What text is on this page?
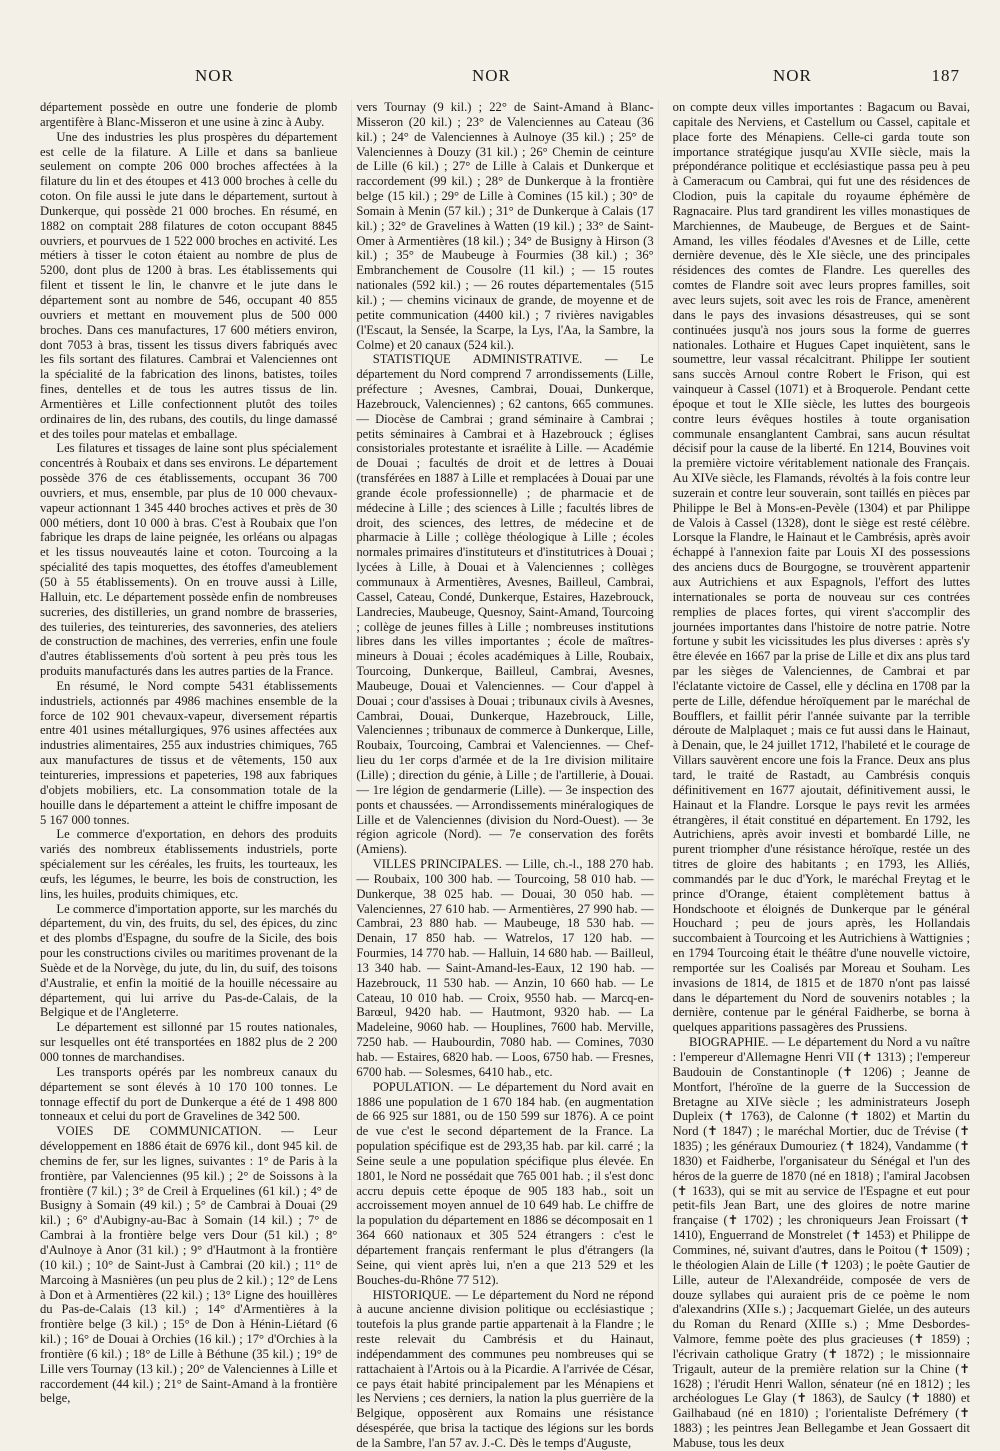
NOR	NOR	NOR	187

département possède en outre une fonderie de plomb argentifère à Blanc-Misseron et une usine à zinc à Auby.

Une des industries les plus prospères du département est celle de la filature. A Lille et dans sa banlieue seulement on compte 206 000 broches affectées à la filature du lin et des étoupes et 413 000 broches à celle du coton. On file aussi le jute dans le département, surtout à Dunkerque, qui possède 21 000 broches. En résumé, en 1882 on comptait 288 filatures de coton occupant 8845 ouvriers, et pourvues de 1 522 000 broches en activité. Les métiers à tisser le coton étaient au nombre de plus de 5200, dont plus de 1200 à bras. Les établissements qui filent et tissent le lin, le chanvre et le jute dans le département sont au nombre de 546, occupant 40 855 ouvriers et mettant en mouvement plus de 500 000 broches. Dans ces manufactures, 17 600 métiers environ, dont 7053 à bras, tissent les tissus divers fabriqués avec les fils sortant des filatures. Cambrai et Valenciennes ont la spécialité de la fabrication des linons, batistes, toiles fines, dentelles et de tous les autres tissus de lin. Armentières et Lille confectionnent plutôt des toiles ordinaires de lin, des rubans, des coutils, du linge damassé et des toiles pour matelas et emballage.

Les filatures et tissages de laine sont plus spécialement concentrés à Roubaix et dans ses environs. Le département possède 376 de ces établissements, occupant 36 700 ouvriers, et mus, ensemble, par plus de 10 000 chevaux-vapeur actionnant 1 345 440 broches actives et près de 30 000 métiers, dont 10 000 à bras. C'est à Roubaix que l'on fabrique les draps de laine peignée, les orléans ou alpagas et les tissus nouveautés laine et coton. Tourcoing a la spécialité des tapis moquettes, des étoffes d'ameublement (50 à 55 établissements). On en trouve aussi à Lille, Halluin, etc. Le département possède enfin de nombreuses sucreries, des distilleries, un grand nombre de brasseries, des tuileries, des teintureries, des savonneries, des ateliers de construction de machines, des verreries, enfin une foule d'autres établissements d'où sortent à peu près tous les produits manufacturés dans les autres parties de la France.

En résumé, le Nord compte 5431 établissements industriels, actionnés par 4986 machines ensemble de la force de 102 901 chevaux-vapeur, diversement répartis entre 401 usines métallurgiques, 976 usines affectées aux industries alimentaires, 255 aux industries chimiques, 765 aux manufactures de tissus et de vêtements, 150 aux teintureries, impressions et papeteries, 198 aux fabriques d'objets mobiliers, etc. La consommation totale de la houille dans le département a atteint le chiffre imposant de 5 167 000 tonnes.

Le commerce d'exportation, en dehors des produits variés des nombreux établissements industriels, porte spécialement sur les céréales, les fruits, les tourteaux, les œufs, les légumes, le beurre, les bois de construction, les lins, les huiles, produits chimiques, etc.

Le commerce d'importation apporte, sur les marchés du département, du vin, des fruits, du sel, des épices, du zinc et des plombs d'Espagne, du soufre de la Sicile, des bois pour les constructions civiles ou maritimes provenant de la Suède et de la Norvège, du jute, du lin, du suif, des toisons d'Australie, et enfin la moitié de la houille nécessaire au département, qui lui arrive du Pas-de-Calais, de la Belgique et de l'Angleterre.

Le département est sillonné par 15 routes nationales, sur lesquelles ont été transportées en 1882 plus de 2 200 000 tonnes de marchandises.

Les transports opérés par les nombreux canaux du département se sont élevés à 10 170 100 tonnes. Le tonnage effectif du port de Dunkerque a été de 1 498 800 tonneaux et celui du port de Gravelines de 342 500.

VOIES DE COMMUNICATION. — Leur développement en 1886 était de 6976 kil., dont 945 kil. de chemins de fer, sur les lignes, suivantes : 1° de Paris à la frontière, par Valenciennes (95 kil.) ; 2° de Soissons à la frontière (7 kil.) ; 3° de Creil à Erquelines (61 kil.) ; 4° de Busigny à Somain (49 kil.) ; 5° de Cambrai à Douai (29 kil.) ; 6° d'Aubigny-au-Bac à Somain (14 kil.) ; 7° de Cambrai à la frontière belge vers Dour (51 kil.) ; 8° d'Aulnoye à Anor (31 kil.) ; 9° d'Hautmont à la frontière (10 kil.) ; 10° de Saint-Just à Cambrai (20 kil.) ; 11° de Marcoing à Masnières (un peu plus de 2 kil.) ; 12° de Lens à Don et à Armentières (22 kil.) ; 13° Ligne des houillères du Pas-de-Calais (13 kil.) ; 14° d'Armentières à la frontière belge (3 kil.) ; 15° de Don à Hénin-Liétard (6 kil.) ; 16° de Douai à Orchies (16 kil.) ; 17° d'Orchies à la frontière (6 kil.) ; 18° de Lille à Béthune (35 kil.) ; 19° de Lille vers Tournay (13 kil.) ; 20° de Valenciennes à Lille et raccordement (44 kil.) ; 21° de Saint-Amand à la frontière belge,

vers Tournay (9 kil.) ; 22° de Saint-Amand à Blanc-Misseron (20 kil.) ; 23° de Valenciennes au Cateau (36 kil.) ; 24° de Valenciennes à Aulnoye (35 kil.) ; 25° de Valenciennes à Douzy (31 kil.) ; 26° Chemin de ceinture de Lille (6 kil.) ; 27° de Lille à Calais et Dunkerque et raccordement (99 kil.) ; 28° de Dunkerque à la frontière belge (15 kil.) ; 29° de Lille à Comines (15 kil.) ; 30° de Somain à Menin (57 kil.) ; 31° de Dunkerque à Calais (17 kil.) ; 32° de Gravelines à Watten (19 kil.) ; 33° de Saint-Omer à Armentières (18 kil.) ; 34° de Busigny à Hirson (3 kil.) ; 35° de Maubeuge à Fourmies (38 kil.) ; 36° Embranchement de Cousolre (11 kil.) ; — 15 routes nationales (592 kil.) ; — 26 routes départementales (515 kil.) ; — chemins vicinaux de grande, de moyenne et de petite communication (4400 kil.) ; 7 rivières navigables (l'Escaut, la Sensée, la Scarpe, la Lys, l'Aa, la Sambre, la Colme) et 20 canaux (524 kil.).

STATISTIQUE ADMINISTRATIVE. — Le département du Nord comprend 7 arrondissements (Lille, préfecture ; Avesnes, Cambrai, Douai, Dunkerque, Hazebrouck, Valenciennes) ; 62 cantons, 665 communes. — Diocèse de Cambrai ; grand séminaire à Cambrai ; petits séminaires à Cambrai et à Hazebrouck ; églises consistoriales protestante et israélite à Lille. — Académie de Douai ; facultés de droit et de lettres à Douai (transférées en 1887 à Lille et remplacées à Douai par une grande école professionnelle) ; de pharmacie et de médecine à Lille ; des sciences à Lille ; facultés libres de droit, des sciences, des lettres, de médecine et de pharmacie à Lille ; collège théologique à Lille ; écoles normales primaires d'instituteurs et d'institutrices à Douai ; lycées à Lille, à Douai et à Valenciennes ; collèges communaux à Armentières, Avesnes, Bailleul, Cambrai, Cassel, Cateau, Condé, Dunkerque, Estaires, Hazebrouck, Landrecies, Maubeuge, Quesnoy, Saint-Amand, Tourcoing ; collège de jeunes filles à Lille ; nombreuses institutions libres dans les villes importantes ; école de maîtres-mineurs à Douai ; écoles académiques à Lille, Roubaix, Tourcoing, Dunkerque, Bailleul, Cambrai, Avesnes, Maubeuge, Douai et Valenciennes. — Cour d'appel à Douai ; cour d'assises à Douai ; tribunaux civils à Avesnes, Cambrai, Douai, Dunkerque, Hazebrouck, Lille, Valenciennes ; tribunaux de commerce à Dunkerque, Lille, Roubaix, Tourcoing, Cambrai et Valenciennes. — Chef-lieu du 1er corps d'armée et de la 1re division militaire (Lille) ; direction du génie, à Lille ; de l'artillerie, à Douai. — 1re légion de gendarmerie (Lille). — 3e inspection des ponts et chaussées. — Arrondissements minéralogiques de Lille et de Valenciennes (division du Nord-Ouest). — 3e région agricole (Nord). — 7e conservation des forêts (Amiens).

VILLES PRINCIPALES. — Lille, ch.-l., 188 270 hab. — Roubaix, 100 300 hab. — Tourcoing, 58 010 hab. — Dunkerque, 38 025 hab. — Douai, 30 050 hab. — Valenciennes, 27 610 hab. — Armentières, 27 990 hab. — Cambrai, 23 880 hab. — Maubeuge, 18 530 hab. — Denain, 17 850 hab. — Watrelos, 17 120 hab. — Fourmies, 14 770 hab. — Halluin, 14 680 hab. — Bailleul, 13 340 hab. — Saint-Amand-les-Eaux, 12 190 hab. — Hazebrouck, 11 530 hab. — Anzin, 10 660 hab. — Le Cateau, 10 010 hab. — Croix, 9550 hab. — Marcq-en-Barœul, 9420 hab. — Hautmont, 9320 hab. — La Madeleine, 9060 hab. — Houplines, 7600 hab. Merville, 7250 hab. — Haubourdin, 7080 hab. — Comines, 7030 hab. — Estaires, 6820 hab. — Loos, 6750 hab. — Fresnes, 6700 hab. — Solesmes, 6410 hab., etc.

POPULATION. — Le département du Nord avait en 1886 une population de 1 670 184 hab. (en augmentation de 66 925 sur 1881, ou de 150 599 sur 1876). A ce point de vue c'est le second département de la France. La population spécifique est de 293,35 hab. par kil. carré ; la Seine seule a une population spécifique plus élevée. En 1801, le Nord ne possédait que 765 001 hab. ; il s'est donc accru depuis cette époque de 905 183 hab., soit un accroissement moyen annuel de 10 649 hab. Le chiffre de la population du département en 1886 se décomposait en 1 364 660 nationaux et 305 524 étrangers : c'est le département français renfermant le plus d'étrangers (la Seine, qui vient après lui, n'en a que 213 529 et les Bouches-du-Rhône 77 512).

HISTORIQUE. — Le département du Nord ne répond à aucune ancienne division politique ou ecclésiastique ; toutefois la plus grande partie appartenait à la Flandre ; le reste relevait du Cambrésis et du Hainaut, indépendamment des communes peu nombreuses qui se rattachaient à l'Artois ou à la Picardie. A l'arrivée de César, ce pays était habité principalement par les Ménapiens et les Nerviens ; ces derniers, la nation la plus guerrière de la Belgique, opposèrent aux Romains une résistance désespérée, que brisa la tactique des légions sur les bords de la Sambre, l'an 57 av. J.-C. Dès le temps d'Auguste,

on compte deux villes importantes : Bagacum ou Bavai, capitale des Nerviens, et Castellum ou Cassel, capitale et place forte des Ménapiens. Celle-ci garda toute son importance stratégique jusqu'au XVIIe siècle, mais la prépondérance politique et ecclésiastique passa peu à peu à Cameracum ou Cambrai, qui fut une des résidences de Clodion, puis la capitale du royaume éphémère de Ragnacaire. Plus tard grandirent les villes monastiques de Marchiennes, de Maubeuge, de Bergues et de Saint-Amand, les villes féodales d'Avesnes et de Lille, cette dernière devenue, dès le XIe siècle, une des principales résidences des comtes de Flandre. Les querelles des comtes de Flandre soit avec leurs propres familles, soit avec leurs sujets, soit avec les rois de France, amenèrent dans le pays des invasions désastreuses, qui se sont continuées jusqu'à nos jours sous la forme de guerres nationales. Lothaire et Hugues Capet inquiètent, sans le soumettre, leur vassal récalcitrant. Philippe Ier soutient sans succès Arnoul contre Robert le Frison, qui est vainqueur à Cassel (1071) et à Broquerole. Pendant cette époque et tout le XIIe siècle, les luttes des bourgeois contre leurs évêques hostiles à toute organisation communale ensanglantent Cambrai, sans aucun résultat décisif pour la cause de la liberté. En 1214, Bouvines voit la première victoire véritablement nationale des Français. Au XIVe siècle, les Flamands, révoltés à la fois contre leur suzerain et contre leur souverain, sont taillés en pièces par Philippe le Bel à Mons-en-Pevèle (1304) et par Philippe de Valois à Cassel (1328), dont le siège est resté célèbre. Lorsque la Flandre, le Hainaut et le Cambrésis, après avoir échappé à l'annexion faite par Louis XI des possessions des anciens ducs de Bourgogne, se trouvèrent appartenir aux Autrichiens et aux Espagnols, l'effort des luttes internationales se porta de nouveau sur ces contrées remplies de places fortes, qui virent s'accomplir des journées importantes dans l'histoire de notre patrie. Notre fortune y subit les vicissitudes les plus diverses : après s'y être élevée en 1667 par la prise de Lille et dix ans plus tard par les sièges de Valenciennes, de Cambrai et par l'éclatante victoire de Cassel, elle y déclina en 1708 par la perte de Lille, défendue héroïquement par le maréchal de Boufflers, et faillit périr l'année suivante par la terrible déroute de Malplaquet ; mais ce fut aussi dans le Hainaut, à Denain, que, le 24 juillet 1712, l'habileté et le courage de Villars sauvèrent encore une fois la France. Deux ans plus tard, le traité de Rastadt, au Cambrésis conquis définitivement en 1677 ajoutait, définitivement aussi, le Hainaut et la Flandre. Lorsque le pays revit les armées étrangères, il était constitué en département. En 1792, les Autrichiens, après avoir investi et bombardé Lille, ne purent triompher d'une résistance héroïque, restée un des titres de gloire des habitants ; en 1793, les Alliés, commandés par le duc d'York, le maréchal Freytag et le prince d'Orange, étaient complètement battus à Hondschoote et éloignés de Dunkerque par le général Houchard ; peu de jours après, les Hollandais succombaient à Tourcoing et les Autrichiens à Wattignies ; en 1794 Tourcoing était le théâtre d'une nouvelle victoire, remportée sur les Coalisés par Moreau et Souham. Les invasions de 1814, de 1815 et de 1870 n'ont pas laissé dans le département du Nord de souvenirs notables ; la dernière, contenue par le général Faidherbe, se borna à quelques apparitions passagères des Prussiens.

BIOGRAPHIE. — Le département du Nord a vu naître : l'empereur d'Allemagne Henri VII (✝ 1313) ; l'empereur Baudouin de Constantinople (✝ 1206) ; Jeanne de Montfort, l'héroïne de la guerre de la Succession de Bretagne au XIVe siècle ; les administrateurs Joseph Dupleix (✝ 1763), de Calonne (✝ 1802) et Martin du Nord (✝ 1847) ; le maréchal Mortier, duc de Trévise (✝ 1835) ; les généraux Dumouriez (✝ 1824), Vandamme (✝ 1830) et Faidherbe, l'organisateur du Sénégal et l'un des héros de la guerre de 1870 (né en 1818) ; l'amiral Jacobsen (✝ 1633), qui se mit au service de l'Espagne et eut pour petit-fils Jean Bart, une des gloires de notre marine française (✝ 1702) ; les chroniqueurs Jean Froissart (✝ 1410), Enguerrand de Monstrelet (✝ 1453) et Philippe de Commines, né, suivant d'autres, dans le Poitou (✝ 1509) ; le théologien Alain de Lille (✝ 1203) ; le poète Gautier de Lille, auteur de l'Alexandréide, composée de vers de douze syllabes qui auraient pris de ce poème le nom d'alexandrins (XIIe s.) ; Jacquemart Gielée, un des auteurs du Roman du Renard (XIIIe s.) ; Mme Desbordes-Valmore, femme poète des plus gracieuses (✝ 1859) ; l'écrivain catholique Gratry (✝ 1872) ; le missionnaire Trigault, auteur de la première relation sur la Chine (✝ 1628) ; l'érudit Henri Wallon, sénateur (né en 1812) ; les archéologues Le Glay (✝ 1863), de Saulcy (✝ 1880) et Gailhabaud (né en 1810) ; l'orientaliste Defrémery (✝ 1883) ; les peintres Jean Bellegambe et Jean Gossaert dit Mabuse, tous les deux
